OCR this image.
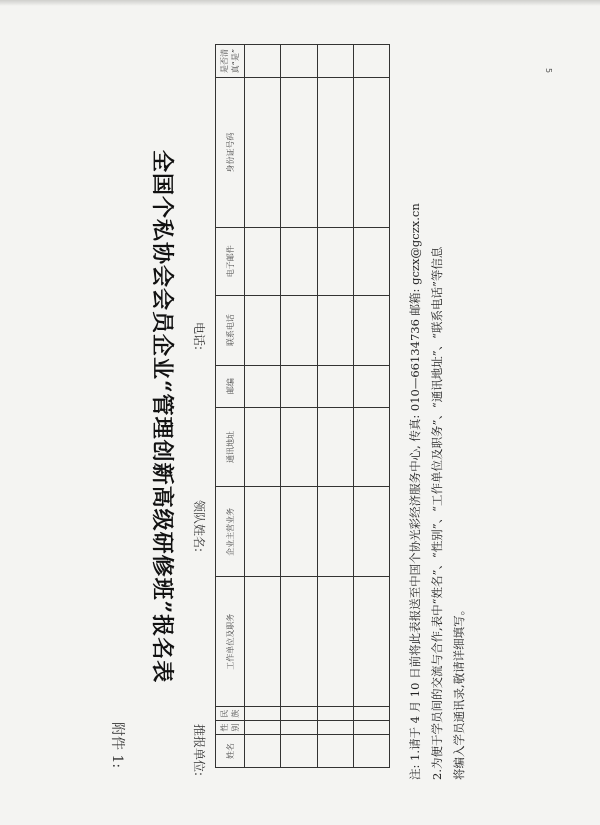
5
附件 1:
全国个私协会会员企业“管理创新高级研修班”报名表
推报单位:
领队姓名:
电话:
姓名	性别	民族	工作单位及职务	企业主营业务	通讯地址	邮编	联系电话	电子邮件	身份证号码	是否清真“是”

注: 1.请于 4 月 10 日前将此表报送至中国个协光彩经济服务中心, 传真: 010—66134736 邮箱: gczx@gczx.cn 2.为便于学员间的交流与合作,表中“姓名”、“性别”、“工作单位及职务”、“通讯地址”、“联系电话”等信息 将编入学员通讯录,敬请详细填写。
